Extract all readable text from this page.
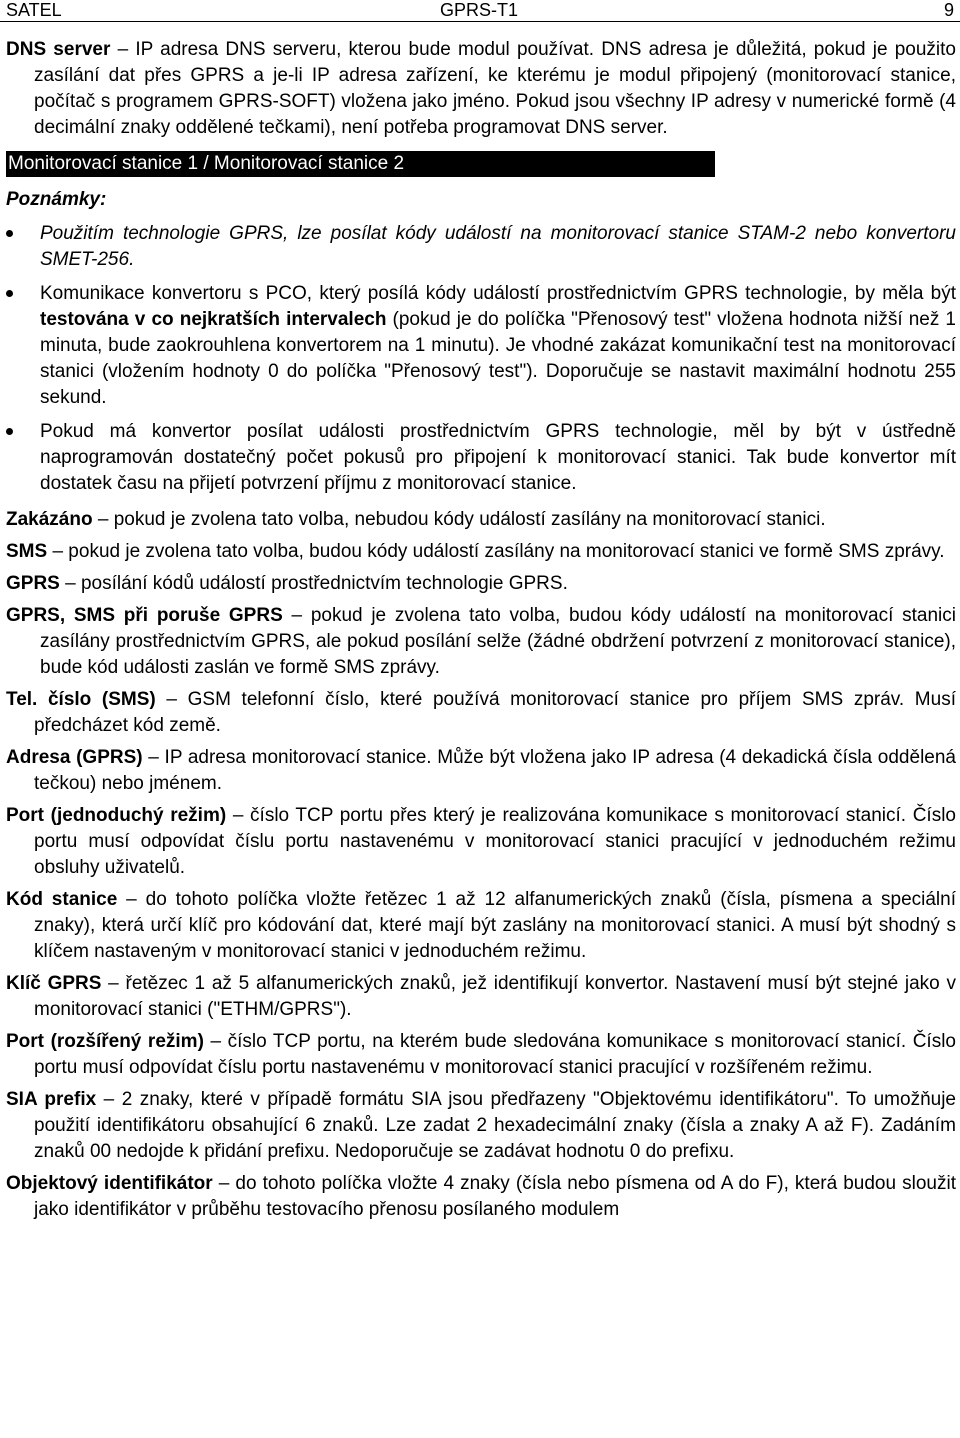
SATEL	GPRS-T1	9

DNS server – IP adresa DNS serveru, kterou bude modul používat. DNS adresa je důležitá, pokud je použito zasílání dat přes GPRS a je-li IP adresa zařízení, ke kterému je modul připojený (monitorovací stanice, počítač s programem GPRS-SOFT) vložena jako jméno. Pokud jsou všechny IP adresy v numerické formě (4 decimální znaky oddělené tečkami), není potřeba programovat DNS server.

Monitorovací stanice 1 / Monitorovací stanice 2

Poznámky:

Použitím technologie GPRS, lze posílat kódy událostí na monitorovací stanice STAM-2 nebo konvertoru SMET-256.
Komunikace konvertoru s PCO, který posílá kódy událostí prostřednictvím GPRS technologie, by měla být testována v co nejkratších intervalech (pokud je do políčka "Přenosový test" vložena hodnota nižší než 1 minuta, bude zaokrouhlena konvertorem na 1 minutu). Je vhodné zakázat komunikační test na monitorovací stanici (vložením hodnoty 0 do políčka "Přenosový test"). Doporučuje se nastavit maximální hodnotu 255 sekund.
Pokud má konvertor posílat události prostřednictvím GPRS technologie, měl by být v ústředně naprogramován dostatečný počet pokusů pro připojení k monitorovací stanici. Tak bude konvertor mít dostatek času na přijetí potvrzení příjmu z monitorovací stanice.

Zakázáno – pokud je zvolena tato volba, nebudou kódy událostí zasílány na monitorovací stanici.

SMS – pokud je zvolena tato volba, budou kódy událostí zasílány na monitorovací stanici ve formě SMS zprávy.

GPRS – posílání kódů událostí prostřednictvím technologie GPRS.

GPRS, SMS při poruše GPRS – pokud je zvolena tato volba, budou kódy událostí na monitorovací stanici zasílány prostřednictvím GPRS, ale pokud posílání selže (žádné obdržení potvrzení z monitorovací stanice), bude kód události zaslán ve formě SMS zprávy.

Tel. číslo (SMS) – GSM telefonní číslo, které používá monitorovací stanice pro příjem SMS zpráv. Musí předcházet kód země.

Adresa (GPRS) – IP adresa monitorovací stanice. Může být vložena jako IP adresa (4 dekadická čísla oddělená tečkou) nebo jménem.

Port (jednoduchý režim) – číslo TCP portu přes který je realizována komunikace s monitorovací stanicí. Číslo portu musí odpovídat číslu portu nastavenému v monitorovací stanici pracující v jednoduchém režimu obsluhy uživatelů.

Kód stanice – do tohoto políčka vložte řetězec 1 až 12 alfanumerických znaků (čísla, písmena a speciální znaky), která určí klíč pro kódování dat, které mají být zaslány na monitorovací stanici. A musí být shodný s klíčem nastaveným v monitorovací stanici v jednoduchém režimu.

Klíč GPRS – řetězec 1 až 5 alfanumerických znaků, jež identifikují konvertor. Nastavení musí být stejné jako v monitorovací stanici ("ETHM/GPRS").

Port (rozšířený režim) – číslo TCP portu, na kterém bude sledována komunikace s monitorovací stanicí. Číslo portu musí odpovídat číslu portu nastavenému v monitorovací stanici pracující v rozšířeném režimu.

SIA prefix – 2 znaky, které v případě formátu SIA jsou předřazeny "Objektovému identifikátoru". To umožňuje použití identifikátoru obsahující 6 znaků. Lze zadat 2 hexadecimální znaky (čísla a znaky A až F). Zadáním znaků 00 nedojde k přidání prefixu. Nedoporučuje se zadávat hodnotu 0 do prefixu.

Objektový identifikátor – do tohoto políčka vložte 4 znaky (čísla nebo písmena od A do F), která budou sloužit jako identifikátor v průběhu testovacího přenosu posílaného modulem
